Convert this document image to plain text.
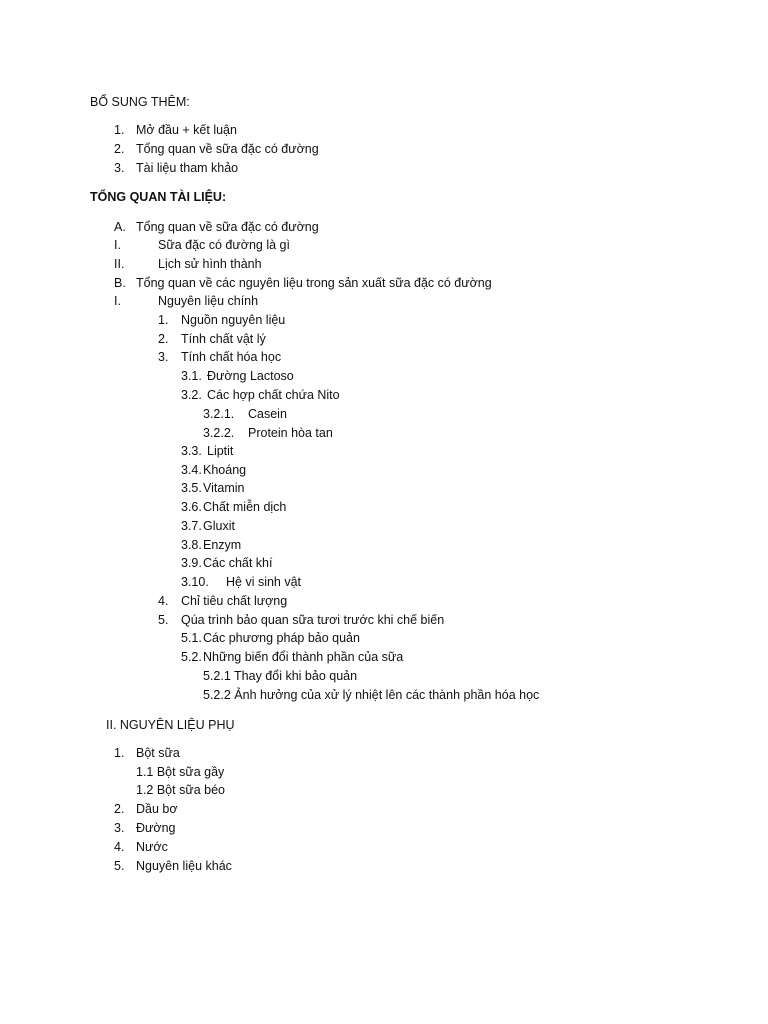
BỔ SUNG THÊM:
1. Mở đầu + kết luận
2. Tổng quan về sữa đặc có đường
3. Tài liệu tham khảo
TỔNG QUAN TÀI LIỆU:
A. Tổng quan về sữa đặc có đường
I.	Sữa đặc có đường là gì
II.	Lịch sử hình thành
B. Tổng quan về các nguyên liệu trong sản xuất sữa đặc có đường
I.	Nguyên liệu chính
1. Nguồn nguyên liệu
2. Tính chất vật lý
3. Tính chất hóa học
3.1. Đường Lactoso
3.2. Các hợp chất chứa Nito
3.2.1. Casein
3.2.2. Protein hòa tan
3.3. Liptit
3.4. Khoáng
3.5. Vitamin
3.6. Chất miễn dịch
3.7. Gluxit
3.8. Enzym
3.9. Các chất khí
3.10. Hệ vi sinh vật
4. Chỉ tiêu chất lượng
5. Qúa trình bảo quan sữa tươi trước khi chế biến
5.1. Các phương pháp bảo quản
5.2. Những biến đổi thành phần của sữa
5.2.1 Thay đổi khi bảo quản
5.2.2 Ảnh hưởng của xử lý nhiệt lên các thành phần hóa học
II. NGUYÊN LIỆU PHỤ
1. Bột sữa
1.1 Bột sữa gầy
1.2 Bột sữa béo
2. Dầu bơ
3. Đường
4. Nước
5. Nguyên liệu khác
